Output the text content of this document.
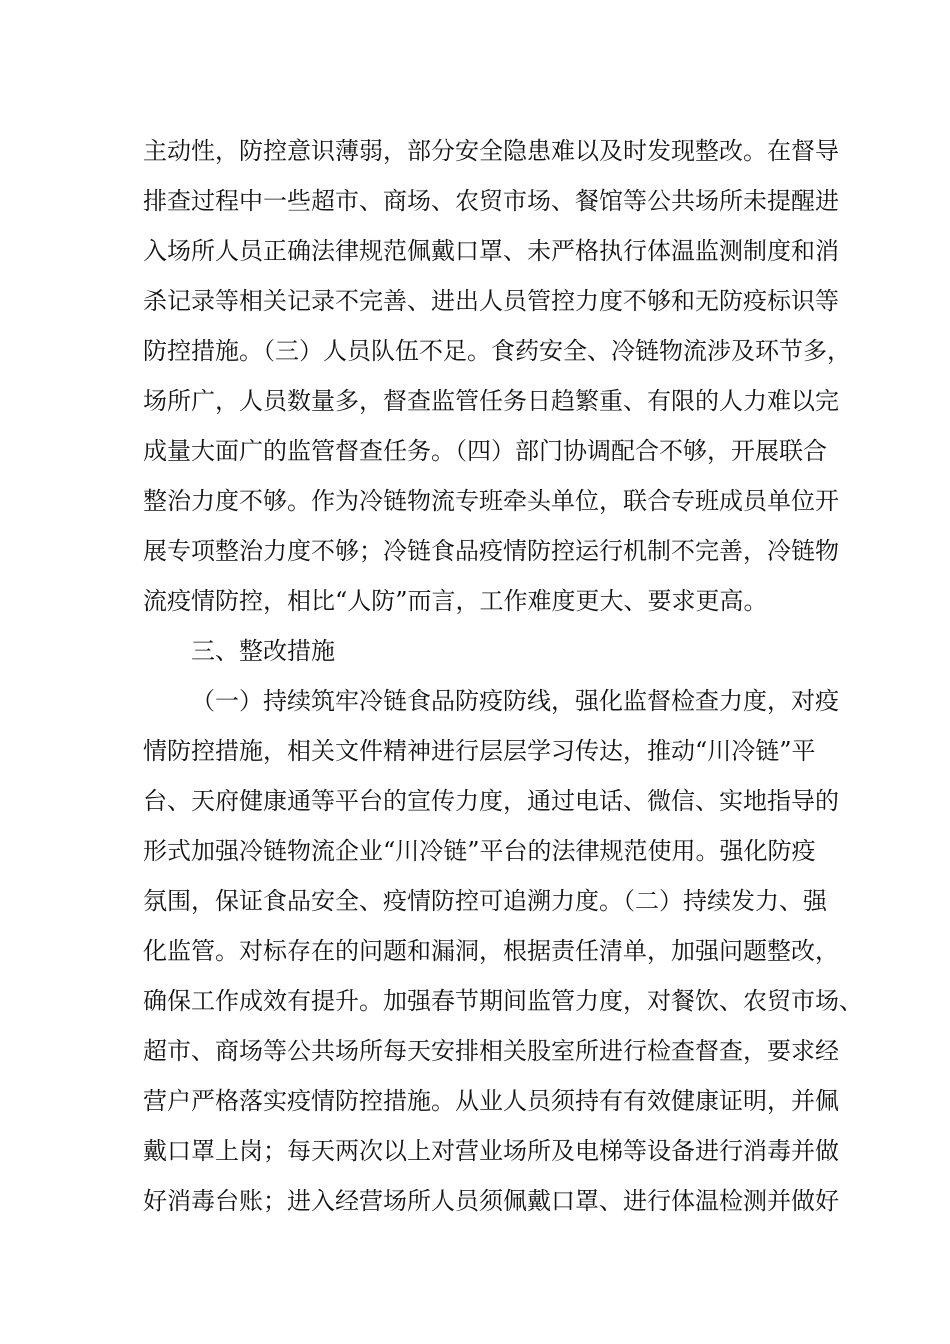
主动性，防控意识薄弱，部分安全隐患难以及时发现整改。在督导
排查过程中一些超市、商场、农贸市场、餐馆等公共场所未提醒进
入场所人员正确法律规范佩戴口罩、未严格执行体温监测制度和消
杀记录等相关记录不完善、进出人员管控力度不够和无防疫标识等
防控措施。（三）人员队伍不足。食药安全、冷链物流涉及环节多，
场所广，人员数量多，督查监管任务日趋繁重、有限的人力难以完
成量大面广的监管督查任务。（四）部门协调配合不够，开展联合
整治力度不够。作为冷链物流专班牵头单位，联合专班成员单位开
展专项整治力度不够；冷链食品疫情防控运行机制不完善，冷链物
流疫情防控，相比“人防”而言，工作难度更大、要求更高。
三、整改措施
（一）持续筑牢冷链食品防疫防线，强化监督检查力度，对疫
情防控措施，相关文件精神进行层层学习传达，推动“川冷链”平
台、天府健康通等平台的宣传力度，通过电话、微信、实地指导的
形式加强冷链物流企业“川冷链”平台的法律规范使用。强化防疫
氛围，保证食品安全、疫情防控可追溯力度。（二）持续发力、强
化监管。对标存在的问题和漏洞，根据责任清单，加强问题整改，
确保工作成效有提升。加强春节期间监管力度，对餐饮、农贸市场、
超市、商场等公共场所每天安排相关股室所进行检查督查，要求经
营户严格落实疫情防控措施。从业人员须持有有效健康证明，并佩
戴口罩上岗；每天两次以上对营业场所及电梯等设备进行消毒并做
好消毒台账；进入经营场所人员须佩戴口罩、进行体温检测并做好
